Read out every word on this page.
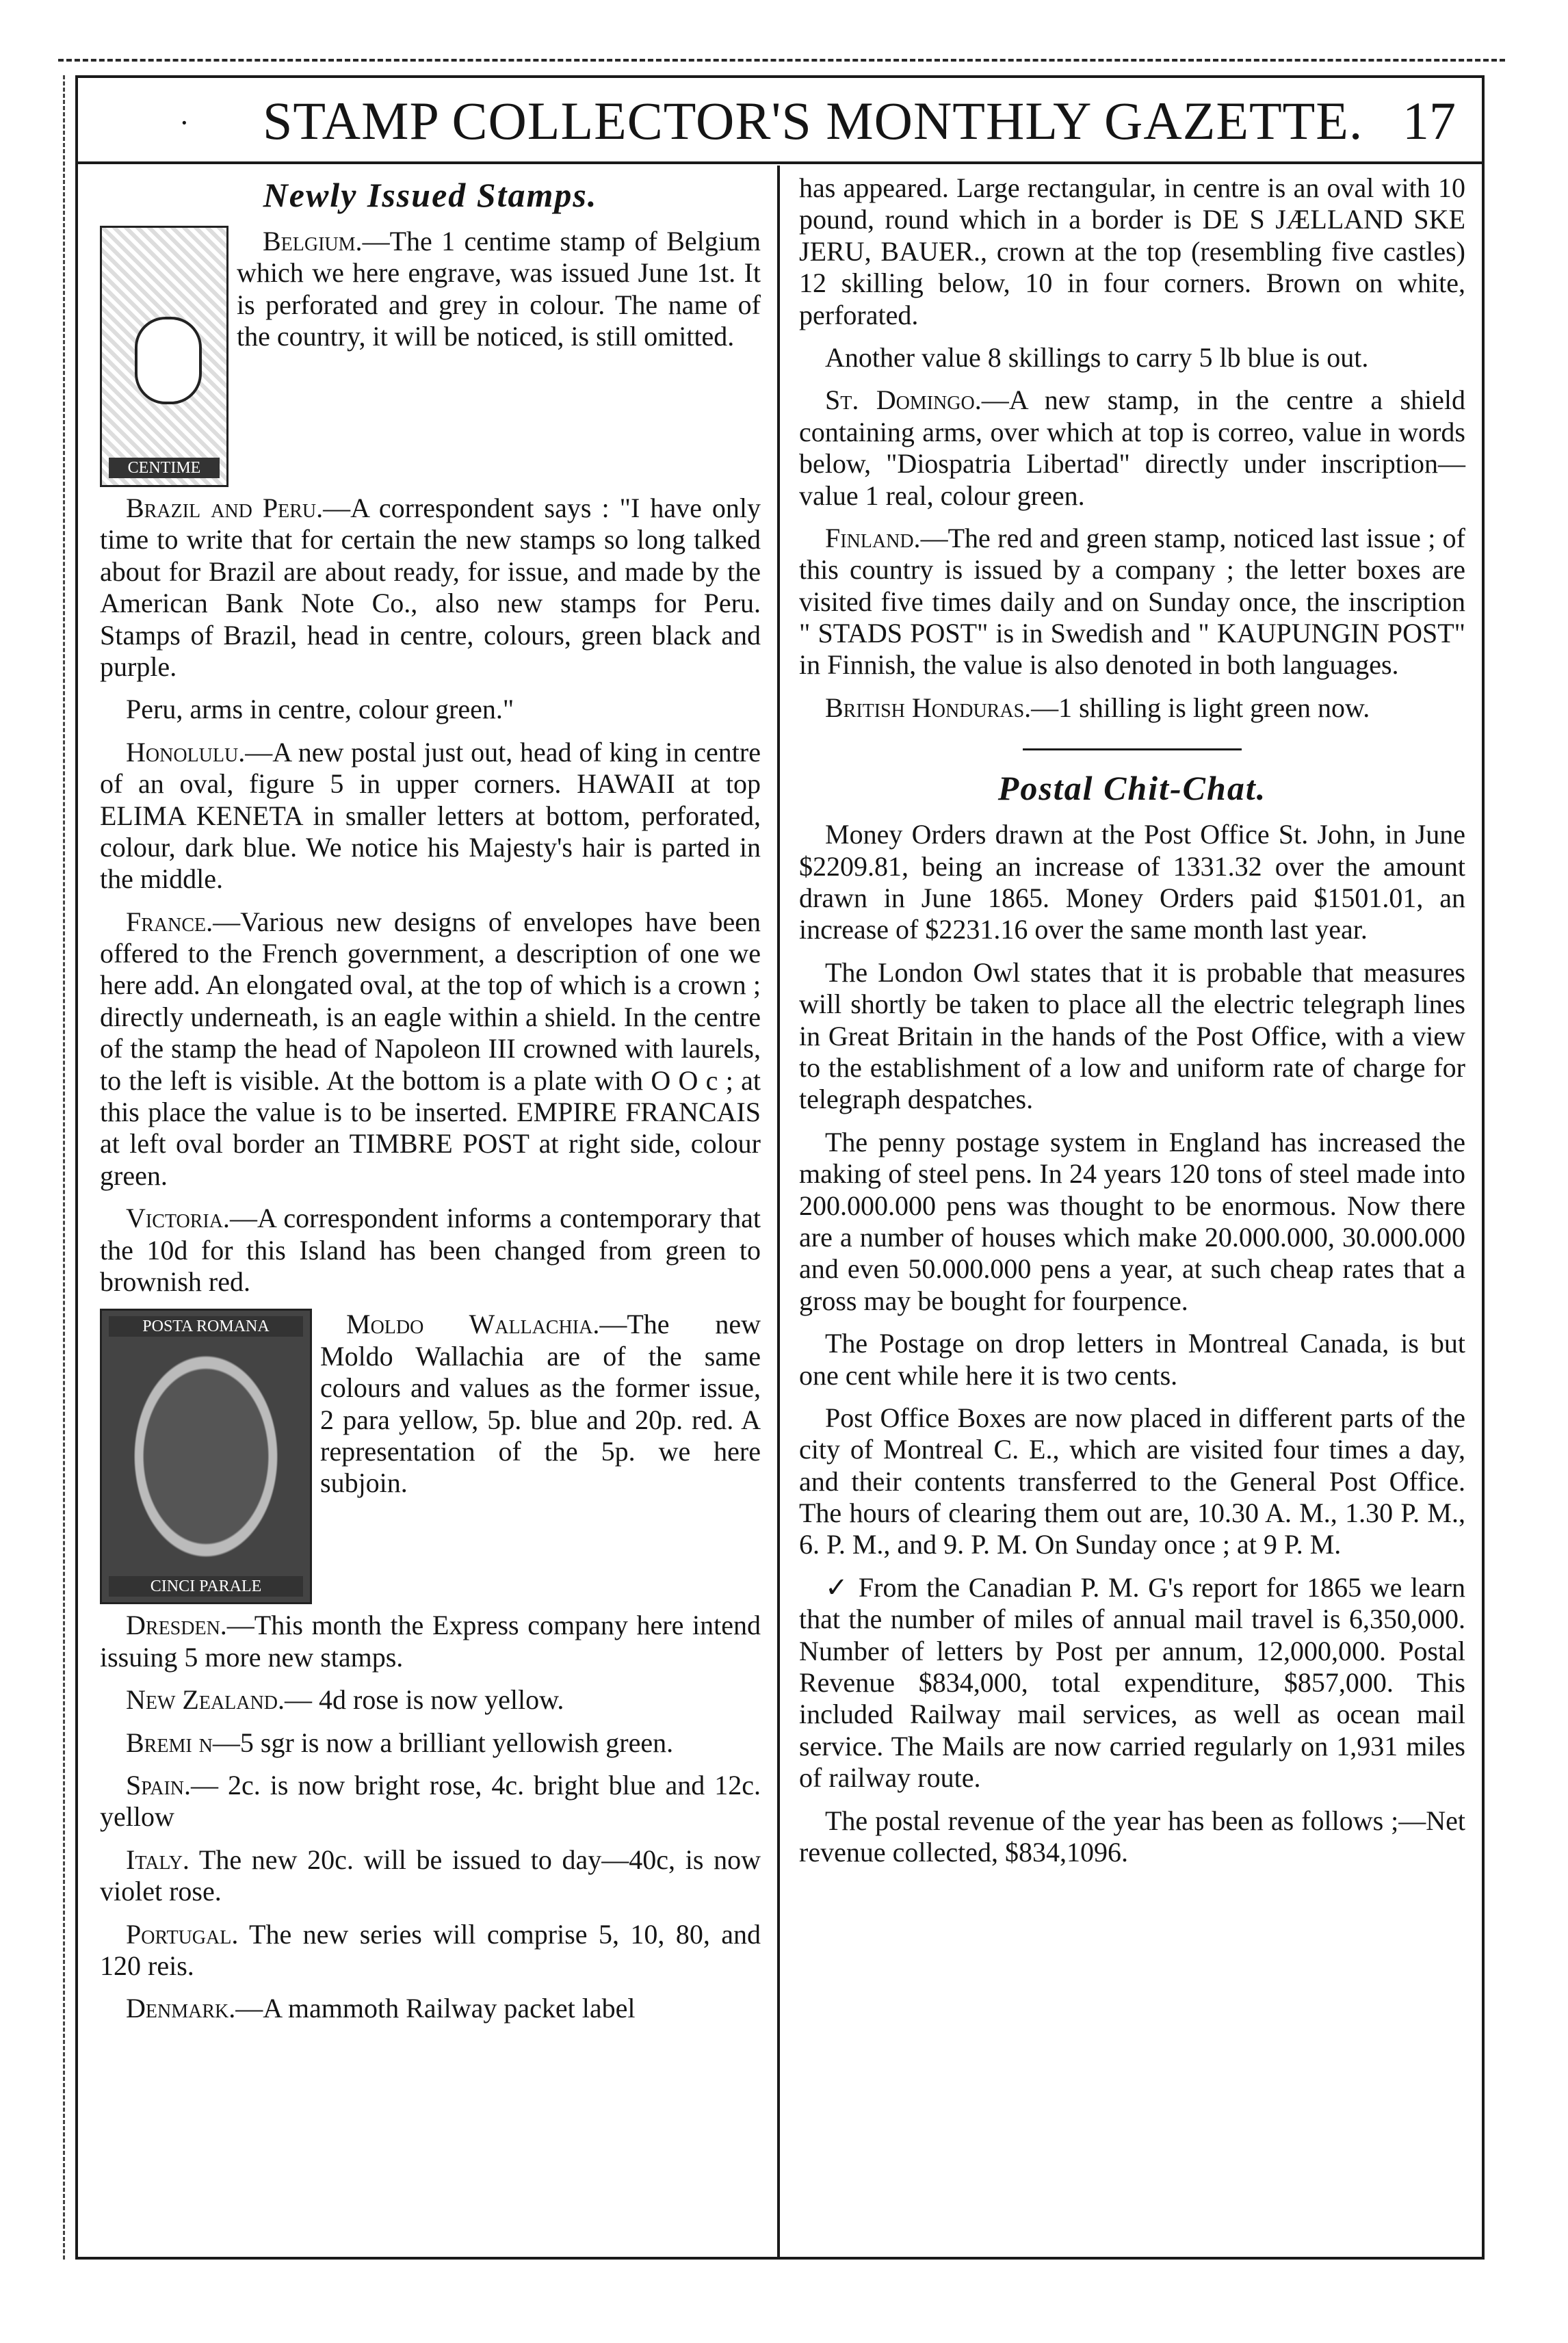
· STAMP COLLECTOR'S MONTHLY GAZETTE. 17
Newly Issued Stamps.
CENTIME

Belgium.—The 1 centime stamp of Belgium which we here engrave, was issued June 1st. It is perforated and grey in colour. The name of the country, it will be noticed, is still omitted.

Brazil and Peru.—A correspondent says : "I have only time to write that for certain the new stamps so long talked about for Brazil are about ready, for issue, and made by the American Bank Note Co., also new stamps for Peru. Stamps of Brazil, head in centre, colours, green black and purple.

Peru, arms in centre, colour green."

Honolulu.—A new postal just out, head of king in centre of an oval, figure 5 in upper corners. HAWAII at top ELIMA KENETA in smaller letters at bottom, perforated, colour, dark blue. We notice his Majesty's hair is parted in the middle.

France.—Various new designs of envelopes have been offered to the French government, a description of one we here add. An elongated oval, at the top of which is a crown ; directly underneath, is an eagle within a shield. In the centre of the stamp the head of Napoleon III crowned with laurels, to the left is visible. At the bottom is a plate with O O c ; at this place the value is to be inserted. EMPIRE FRANCAIS at left oval border an TIMBRE POST at right side, colour green.

Victoria.—A correspondent informs a contemporary that the 10d for this Island has been changed from green to brownish red.

POSTA ROMANA
CINCI PARALE

Moldo Wallachia.—The new Moldo Wallachia are of the same colours and values as the former issue, 2 para yellow, 5p. blue and 20p. red. A representation of the 5p. we here subjoin.

Dresden.—This month the Express company here intend issuing 5 more new stamps.

New Zealand.— 4d rose is now yellow.

Bremi n—5 sgr is now a brilliant yellowish green.

Spain.— 2c. is now bright rose, 4c. bright blue and 12c. yellow

Italy. The new 20c. will be issued to day—40c, is now violet rose.

Portugal. The new series will comprise 5, 10, 80, and 120 reis.

Denmark.—A mammoth Railway packet label

has appeared. Large rectangular, in centre is an oval with 10 pound, round which in a border is DE S JÆLLAND SKE JERU, BAUER., crown at the top (resembling five castles) 12 skilling below, 10 in four corners. Brown on white, perforated.

Another value 8 skillings to carry 5 lb blue is out.

St. Domingo.—A new stamp, in the centre a shield containing arms, over which at top is correo, value in words below, "Diospatria Libertad" directly under inscription—value 1 real, colour green.

Finland.—The red and green stamp, noticed last issue ; of this country is issued by a company ; the letter boxes are visited five times daily and on Sunday once, the inscription " STADS POST" is in Swedish and " KAUPUNGIN POST" in Finnish, the value is also denoted in both languages.

British Honduras.—1 shilling is light green now.

Postal Chit-Chat.

Money Orders drawn at the Post Office St. John, in June $2209.81, being an increase of 1331.32 over the amount drawn in June 1865. Money Orders paid $1501.01, an increase of $2231.16 over the same month last year.

The London Owl states that it is probable that measures will shortly be taken to place all the electric telegraph lines in Great Britain in the hands of the Post Office, with a view to the establishment of a low and uniform rate of charge for telegraph despatches.

The penny postage system in England has increased the making of steel pens. In 24 years 120 tons of steel made into 200.000.000 pens was thought to be enormous. Now there are a number of houses which make 20.000.000, 30.000.000 and even 50.000.000 pens a year, at such cheap rates that a gross may be bought for fourpence.

The Postage on drop letters in Montreal Canada, is but one cent while here it is two cents.

Post Office Boxes are now placed in different parts of the city of Montreal C. E., which are visited four times a day, and their contents transferred to the General Post Office. The hours of clearing them out are, 10.30 A. M., 1.30 P. M., 6. P. M., and 9. P. M. On Sunday once ; at 9 P. M.

✓ From the Canadian P. M. G's report for 1865 we learn that the number of miles of annual mail travel is 6,350,000. Number of letters by Post per annum, 12,000,000. Postal Revenue $834,000, total expenditure, $857,000. This included Railway mail services, as well as ocean mail service. The Mails are now carried regularly on 1,931 miles of railway route.

The postal revenue of the year has been as follows ;—Net revenue collected, $834,1096.
